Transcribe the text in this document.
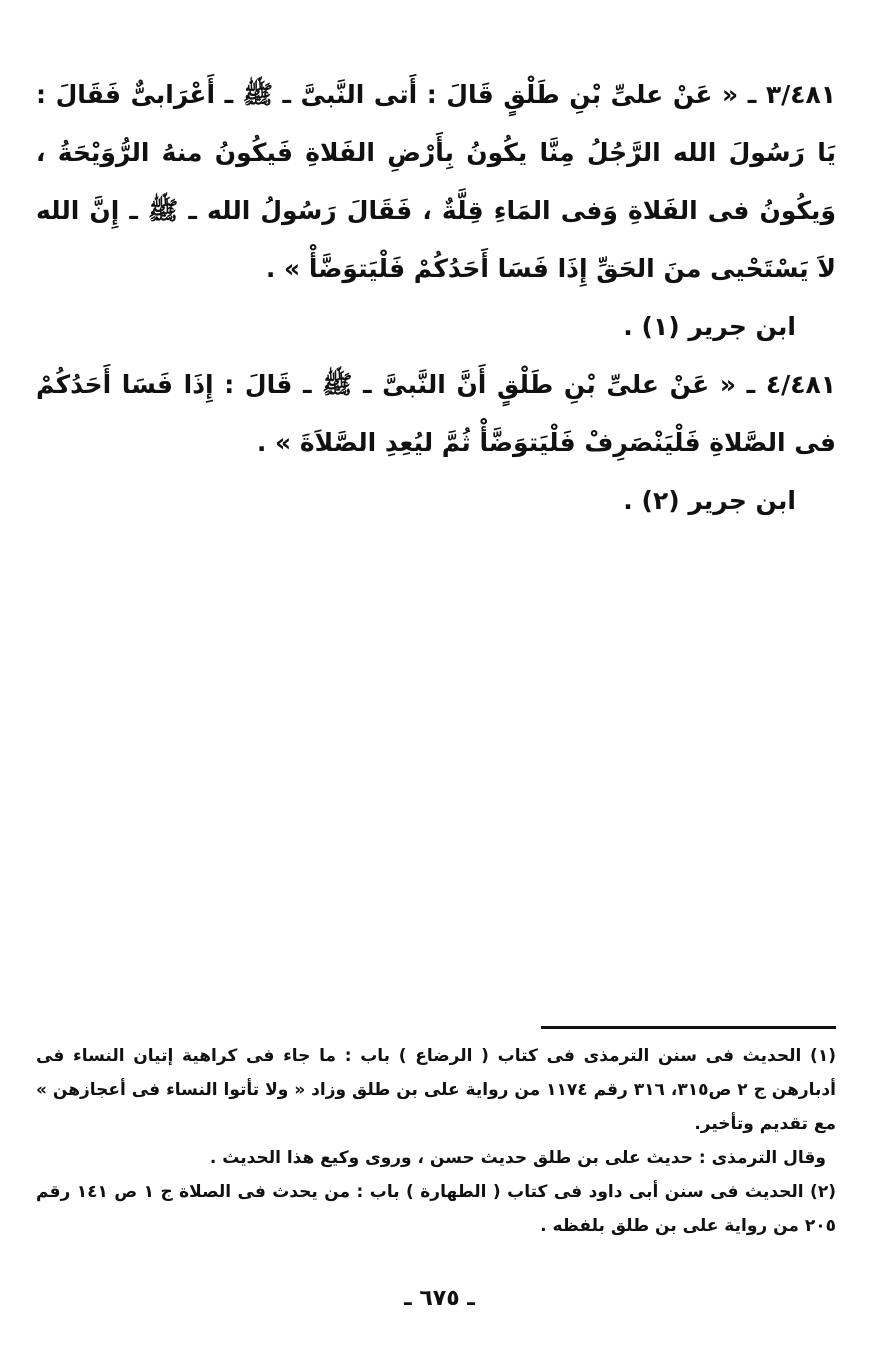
٣/٤٨١ ـ « عَنْ علىِّ بْنِ طَلْقٍ قَالَ : أَتى النَّبىَّ ـ ﷺ ـ أَعْرَابىٌّ فَقَالَ : يَا رَسُولَ الله الرَّجُلُ مِنَّا يكُونُ بِأَرْضِ الفَلاةِ فَيكُونُ منهُ الرُّوَيْحَةُ ، وَيكُونُ فى الفَلاةِ وَفى المَاءِ قِلَّةٌ ، فَقَالَ رَسُولُ الله ـ ﷺ ـ إِنَّ الله لاَ يَسْتَحْيى منَ الحَقِّ إِذَا فَسَا أَحَدُكُمْ فَلْيَتوَضَّأْ » .

ابن جرير (١) .

٤/٤٨١ ـ « عَنْ علىِّ بْنِ طَلْقٍ أَنَّ النَّبىَّ ـ ﷺ ـ قَالَ : إِذَا فَسَا أَحَدُكُمْ فى الصَّلاةِ فَلْيَنْصَرِفْ فَلْيَتوَضَّأْ ثُمَّ ليُعِدِ الصَّلاَةَ » .

ابن جرير (٢) .

(١) الحديث فى سنن الترمذى فى كتاب ( الرضاع ) باب : ما جاء فى كراهية إتيان النساء فى أدبارهن ج ٢ ص٣١٥، ٣١٦ رقم ١١٧٤ من رواية على بن طلق وزاد « ولا تأتوا النساء فى أعجازهن » مع تقديم وتأخير.

وقال الترمذى : حديث على بن طلق حديث حسن ، وروى وكيع هذا الحديث .

(٢) الحديث فى سنن أبى داود فى كتاب ( الطهارة ) باب : من يحدث فى الصلاة ج ١ ص ١٤١ رقم ٢٠٥ من رواية على بن طلق بلفظه .

ـ ٦٧٥ ـ
